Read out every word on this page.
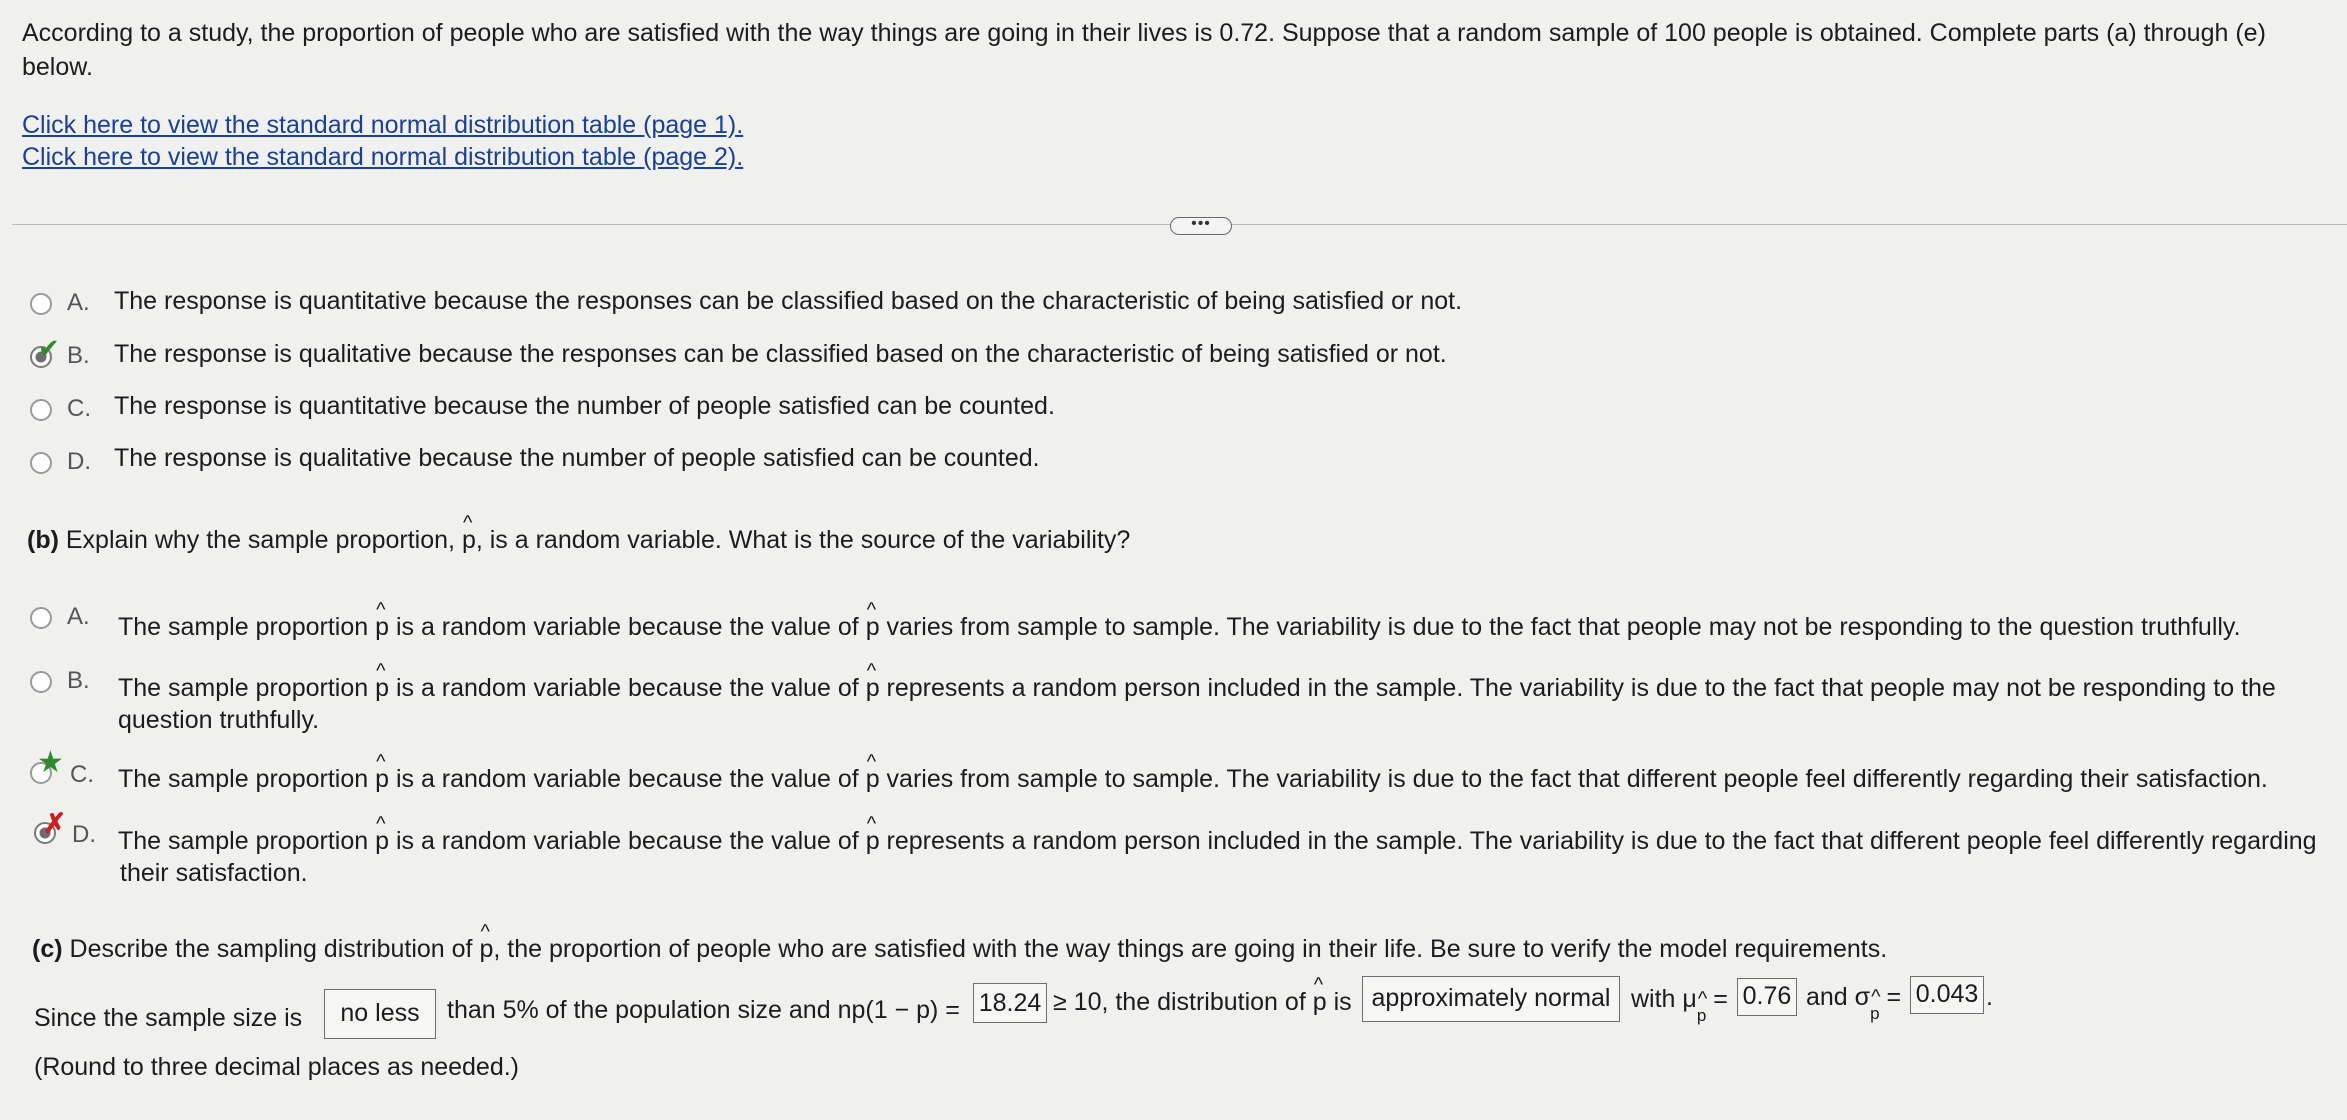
According to a study, the proportion of people who are satisfied with the way things are going in their lives is 0.72. Suppose that a random sample of 100 people is obtained. Complete parts (a) through (e) below.
Click here to view the standard normal distribution table (page 1).
Click here to view the standard normal distribution table (page 2).
•••
A. The response is quantitative because the responses can be classified based on the characteristic of being satisfied or not.
✔ B. The response is qualitative because the responses can be classified based on the characteristic of being satisfied or not.
C. The response is quantitative because the number of people satisfied can be counted.
D. The response is qualitative because the number of people satisfied can be counted.
(b) Explain why the sample proportion, ^ p, is a random variable. What is the source of the variability?
A. The sample proportion ^ p is a random variable because the value of ^ p varies from sample to sample. The variability is due to the fact that people may not be responding to the question truthfully.
B. The sample proportion ^ p is a random variable because the value of ^ p represents a random person included in the sample. The variability is due to the fact that people may not be responding to the
question truthfully.
★ C. The sample proportion ^ p is a random variable because the value of ^ p varies from sample to sample. The variability is due to the fact that different people feel differently regarding their satisfaction.
✗ D. The sample proportion ^ p is a random variable because the value of ^ p represents a random person included in the sample. The variability is due to the fact that different people feel differently regarding
their satisfaction.
(c) Describe the sampling distribution of ^ p, the proportion of people who are satisfied with the way things are going in their life. Be sure to verify the model requirements.
Since the sample size is	no less	than 5% of the population size and np(1 − p) = 18.24 ≥ 10, the distribution of ^ p is approximately normal with μ^ $_p$ = 0.76 and σ^ $_p$ = 0.043 .
(Round to three decimal places as needed.)
